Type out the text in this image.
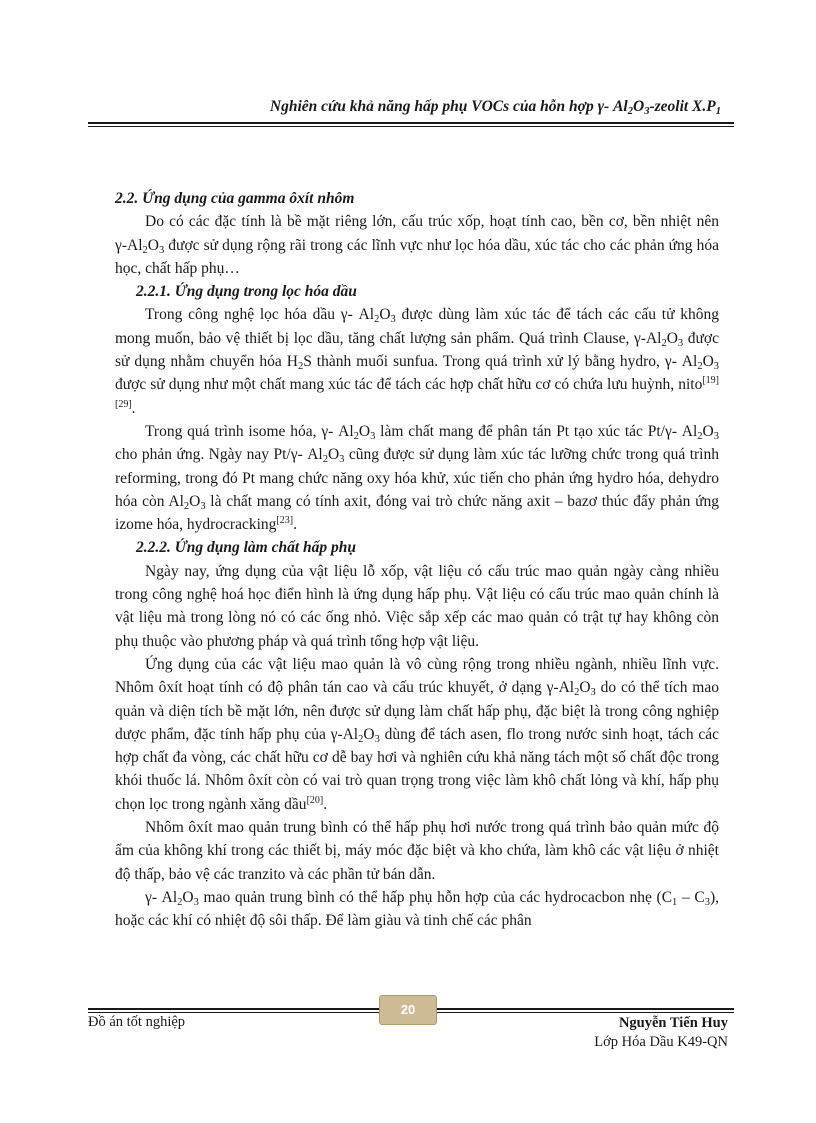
Nghiên cứu khả năng hấp phụ VOCs của hỗn hợp γ- $Al_2O_3$-zeolit $X.P_1$
2.2. Ứng dụng của gamma ôxít nhôm

Do có các đặc tính là bề mặt riêng lớn, cấu trúc xốp, hoạt tính cao, bền cơ, bền nhiệt nên $\gamma-Al_2O_3$ được sử dụng rộng rãi trong các lĩnh vực như lọc hóa dầu, xúc tác cho các phản ứng hóa học, chất hấp phụ…

2.2.1. Ứng dụng trong lọc hóa dầu

Trong công nghệ lọc hóa dầu γ- $Al_2O_3$ được dùng làm xúc tác để tách các cấu tử không mong muốn, bảo vệ thiết bị lọc dầu, tăng chất lượng sản phẩm. Quá trình Clause, $\gamma-Al_2O_3$ được sử dụng nhằm chuyển hóa $H_2S$ thành muối sunfua. Trong quá trình xử lý bằng hydro, γ- $Al_2O_3$ được sử dụng như một chất mang xúc tác để tách các hợp chất hữu cơ có chứa lưu huỳnh, nito[19][29].

Trong quá trình isome hóa, γ- $Al_2O_3$ làm chất mang để phân tán Pt tạo xúc tác Pt/γ- $Al_2O_3$ cho phản ứng. Ngày nay Pt/γ- $Al_2O_3$ cũng được sử dụng làm xúc tác lưỡng chức trong quá trình reforming, trong đó Pt mang chức năng oxy hóa khử, xúc tiến cho phản ứng hydro hóa, dehydro hóa còn $Al_2O_3$ là chất mang có tính axit, đóng vai trò chức năng axit – bazơ thúc đẩy phản ứng izome hóa, hydrocracking[23].

2.2.2. Ứng dụng làm chất hấp phụ

Ngày nay, ứng dụng của vật liệu lỗ xốp, vật liệu có cấu trúc mao quản ngày càng nhiều trong công nghệ hoá học điển hình là ứng dụng hấp phụ. Vật liệu có cấu trúc mao quản chính là vật liệu mà trong lòng nó có các ống nhỏ. Việc sắp xếp các mao quản có trật tự hay không còn phụ thuộc vào phương pháp và quá trình tổng hợp vật liệu.

Ứng dụng của các vật liệu mao quản là vô cùng rộng trong nhiều ngành, nhiều lĩnh vực. Nhôm ôxít hoạt tính có độ phân tán cao và cấu trúc khuyết, ở dạng $\gamma-Al_2O_3$ do có thể tích mao quản và diện tích bề mặt lớn, nên được sử dụng làm chất hấp phụ, đặc biệt là trong công nghiệp dược phẩm, đặc tính hấp phụ của $\gamma-Al_2O_3$ dùng để tách asen, flo trong nước sinh hoạt, tách các hợp chất đa vòng, các chất hữu cơ dễ bay hơi và nghiên cứu khả năng tách một số chất độc trong khói thuốc lá. Nhôm ôxít còn có vai trò quan trọng trong việc làm khô chất lỏng và khí, hấp phụ chọn lọc trong ngành xăng dầu[20].

Nhôm ôxít mao quản trung bình có thể hấp phụ hơi nước trong quá trình bảo quản mức độ ẩm của không khí trong các thiết bị, máy móc đặc biệt và kho chứa, làm khô các vật liệu ở nhiệt độ thấp, bảo vệ các tranzito và các phần tử bán dẫn.

γ- $Al_2O_3$ mao quản trung bình có thể hấp phụ hỗn hợp của các hydrocacbon nhẹ $(C_1 - C_3)$, hoặc các khí có nhiệt độ sôi thấp. Để làm giàu và tinh chế các phân

20
Đồ án tốt nghiệp	Nguyễn Tiến Huy
Lớp Hóa Dầu K49-QN
